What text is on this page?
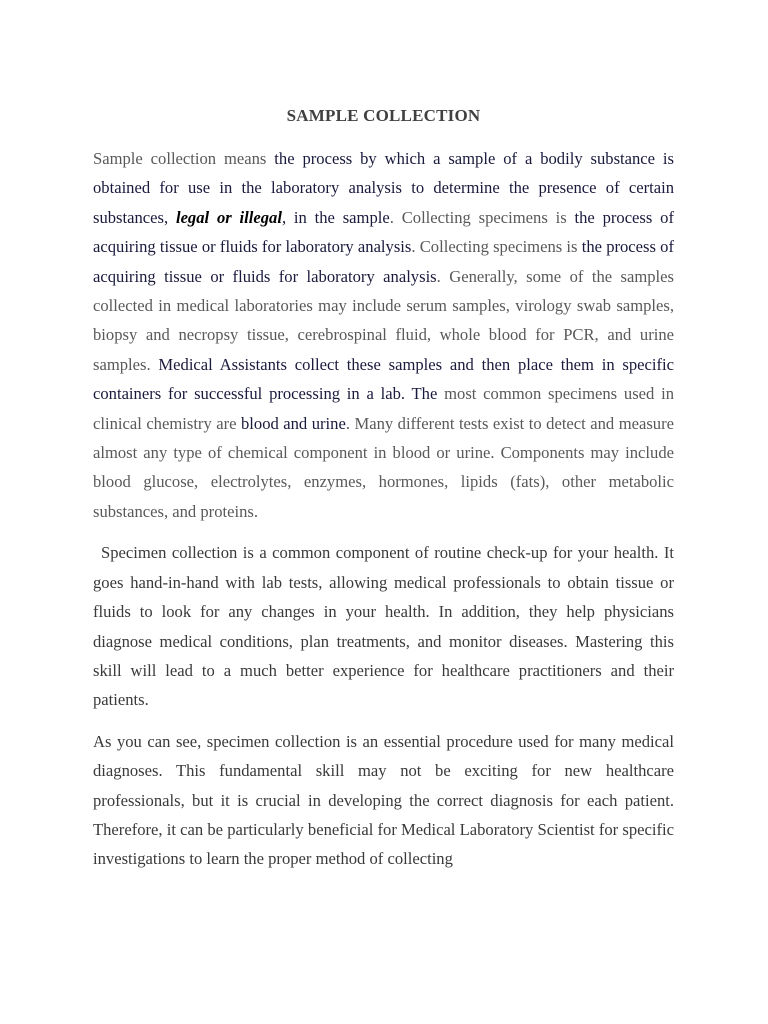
SAMPLE COLLECTION

Sample collection means the process by which a sample of a bodily substance is obtained for use in the laboratory analysis to determine the presence of certain substances, legal or illegal, in the sample. Collecting specimens is the process of acquiring tissue or fluids for laboratory analysis. Collecting specimens is the process of acquiring tissue or fluids for laboratory analysis. Generally, some of the samples collected in medical laboratories may include serum samples, virology swab samples, biopsy and necropsy tissue, cerebrospinal fluid, whole blood for PCR, and urine samples. Medical Assistants collect these samples and then place them in specific containers for successful processing in a lab. The most common specimens used in clinical chemistry are blood and urine. Many different tests exist to detect and measure almost any type of chemical component in blood or urine. Components may include blood glucose, electrolytes, enzymes, hormones, lipids (fats), other metabolic substances, and proteins.

Specimen collection is a common component of routine check-up for your health. It goes hand-in-hand with lab tests, allowing medical professionals to obtain tissue or fluids to look for any changes in your health. In addition, they help physicians diagnose medical conditions, plan treatments, and monitor diseases. Mastering this skill will lead to a much better experience for healthcare practitioners and their patients.

As you can see, specimen collection is an essential procedure used for many medical diagnoses. This fundamental skill may not be exciting for new healthcare professionals, but it is crucial in developing the correct diagnosis for each patient. Therefore, it can be particularly beneficial for Medical Laboratory Scientist for specific investigations to learn the proper method of collecting
